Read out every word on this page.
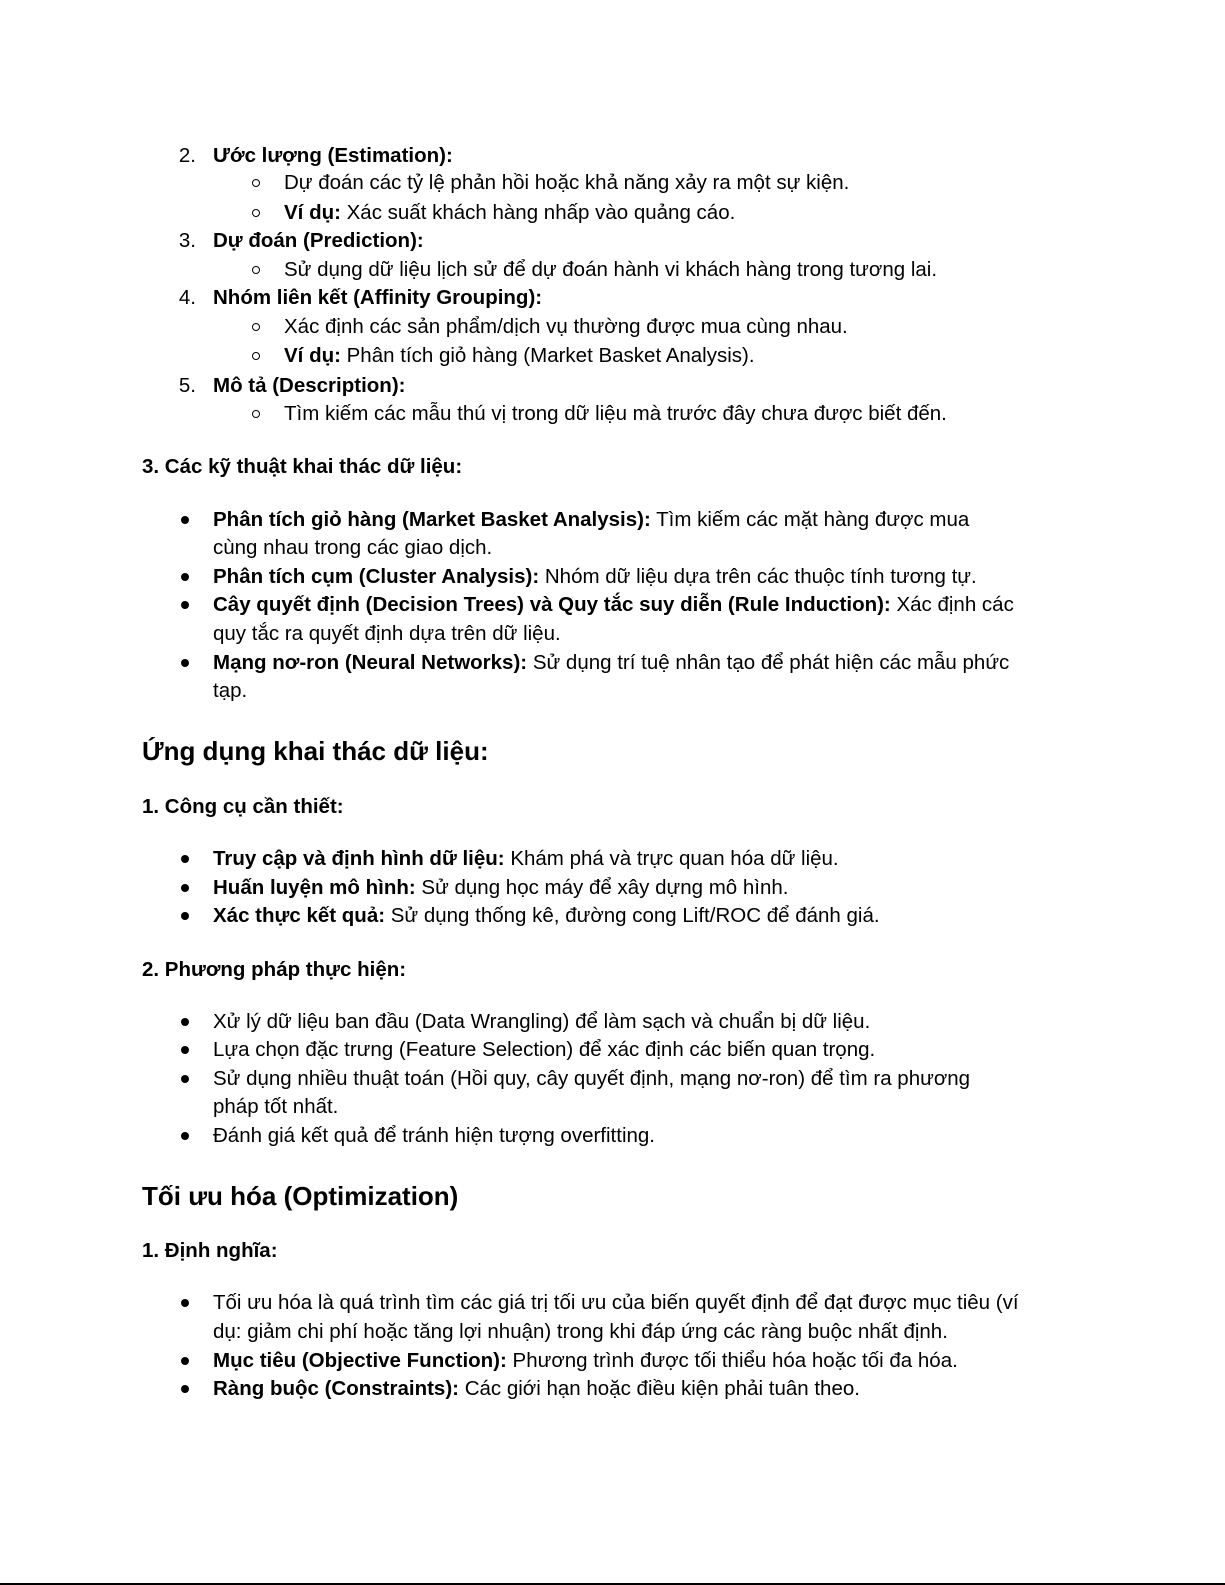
2. Ước lượng (Estimation):
Dự đoán các tỷ lệ phản hồi hoặc khả năng xảy ra một sự kiện.
Ví dụ: Xác suất khách hàng nhấp vào quảng cáo.
3. Dự đoán (Prediction):
Sử dụng dữ liệu lịch sử để dự đoán hành vi khách hàng trong tương lai.
4. Nhóm liên kết (Affinity Grouping):
Xác định các sản phẩm/dịch vụ thường được mua cùng nhau.
Ví dụ: Phân tích giỏ hàng (Market Basket Analysis).
5. Mô tả (Description):
Tìm kiếm các mẫu thú vị trong dữ liệu mà trước đây chưa được biết đến.
3. Các kỹ thuật khai thác dữ liệu:
Phân tích giỏ hàng (Market Basket Analysis): Tìm kiếm các mặt hàng được mua
cùng nhau trong các giao dịch.
Phân tích cụm (Cluster Analysis): Nhóm dữ liệu dựa trên các thuộc tính tương tự.
Cây quyết định (Decision Trees) và Quy tắc suy diễn (Rule Induction): Xác định các
quy tắc ra quyết định dựa trên dữ liệu.
Mạng nơ-ron (Neural Networks): Sử dụng trí tuệ nhân tạo để phát hiện các mẫu phức
tạp.
Ứng dụng khai thác dữ liệu:
1. Công cụ cần thiết:
Truy cập và định hình dữ liệu: Khám phá và trực quan hóa dữ liệu.
Huấn luyện mô hình: Sử dụng học máy để xây dựng mô hình.
Xác thực kết quả: Sử dụng thống kê, đường cong Lift/ROC để đánh giá.
2. Phương pháp thực hiện:
Xử lý dữ liệu ban đầu (Data Wrangling) để làm sạch và chuẩn bị dữ liệu.
Lựa chọn đặc trưng (Feature Selection) để xác định các biến quan trọng.
Sử dụng nhiều thuật toán (Hồi quy, cây quyết định, mạng nơ-ron) để tìm ra phương
pháp tốt nhất.
Đánh giá kết quả để tránh hiện tượng overfitting.
Tối ưu hóa (Optimization)
1. Định nghĩa:
Tối ưu hóa là quá trình tìm các giá trị tối ưu của biến quyết định để đạt được mục tiêu (ví
dụ: giảm chi phí hoặc tăng lợi nhuận) trong khi đáp ứng các ràng buộc nhất định.
Mục tiêu (Objective Function): Phương trình được tối thiểu hóa hoặc tối đa hóa.
Ràng buộc (Constraints): Các giới hạn hoặc điều kiện phải tuân theo.
